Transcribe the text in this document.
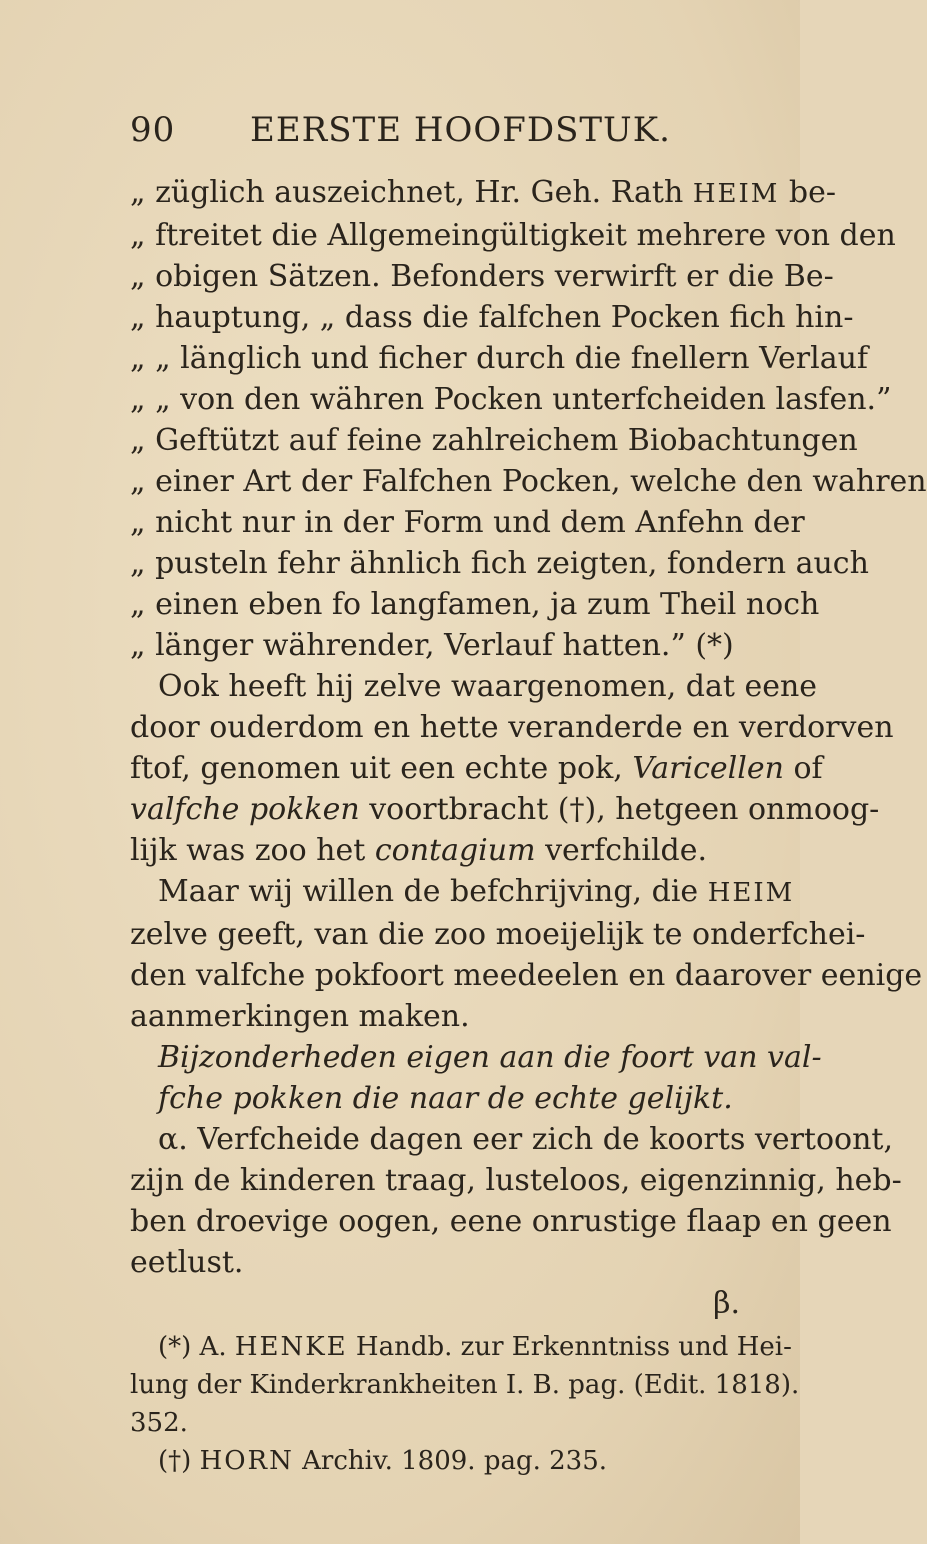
90 EERSTE HOOFDSTUK.
„ züglich auszeichnet, Hr. Geh. Rath HEIM be-
„ ftreitet die Allgemeingültigkeit mehrere von den
„ obigen Sätzen. Befonders verwirft er die Be-
„ hauptung, „ dass die falfchen Pocken fich hin-
„ „ länglich und ficher durch die fnellern Verlauf
„ „ von den währen Pocken unterfcheiden lasfen.”
„ Geftützt auf feine zahlreichem Biobachtungen
„ einer Art der Falfchen Pocken, welche den wahren
„ nicht nur in der Form und dem Anfehn der
„ pusteln fehr ähnlich fich zeigten, fondern auch
„ einen eben fo langfamen, ja zum Theil noch
„ länger währender, Verlauf hatten.” (*)
Ook heeft hij zelve waargenomen, dat eene
door ouderdom en hette veranderde en verdorven
ftof, genomen uit een echte pok, Varicellen of
valfche pokken voortbracht (†), hetgeen onmoog-
lijk was zoo het contagium verfchilde.
Maar wij willen de befchrijving, die HEIM
zelve geeft, van die zoo moeijelijk te onderfchei-
den valfche pokfoort meedeelen en daarover eenige
aanmerkingen maken.
Bijzonderheden eigen aan die foort van val-
fche pokken die naar de echte gelijkt.
α. Verfcheide dagen eer zich de koorts vertoont,
zijn de kinderen traag, lusteloos, eigenzinnig, heb-
ben droevige oogen, eene onrustige flaap en geen
eetlust.
β.
(*) A. HENKE Handb. zur Erkenntniss und Hei-
lung der Kinderkrankheiten I. B. pag. (Edit. 1818).
352.
(†) HORN Archiv. 1809. pag. 235.
